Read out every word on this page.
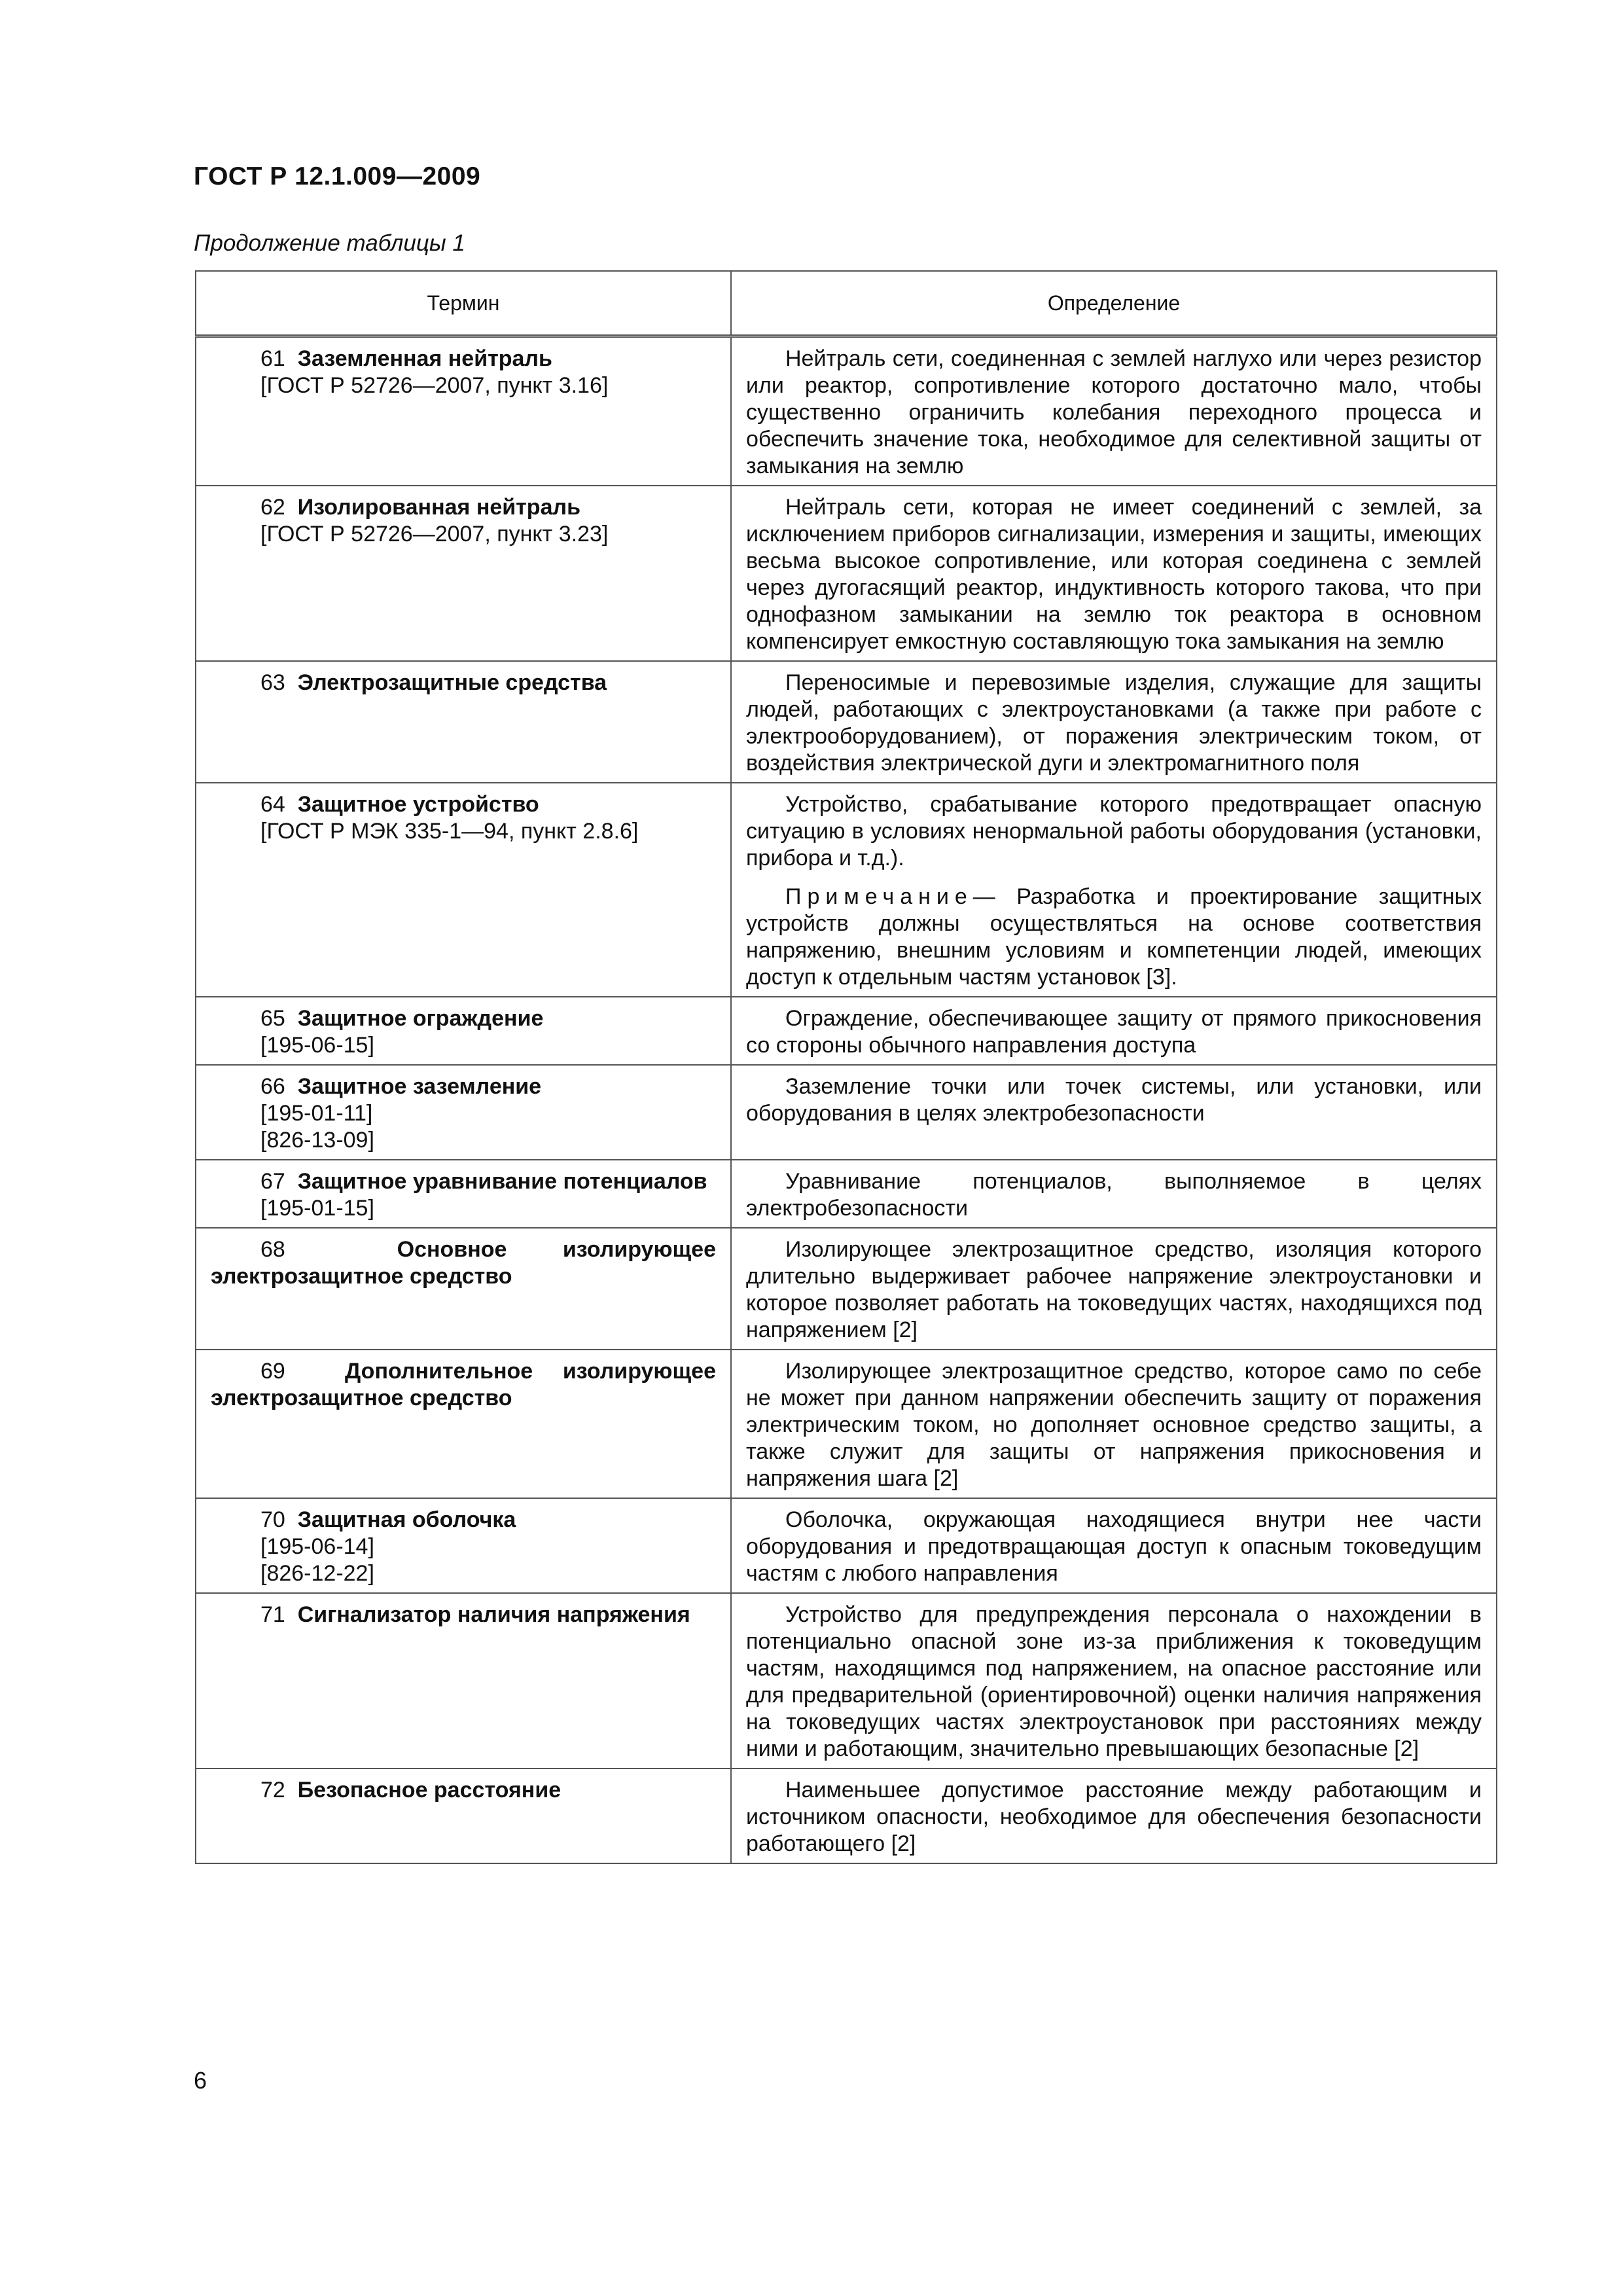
ГОСТ Р 12.1.009—2009
Продолжение таблицы 1
Термин	Определение

61 Заземленная нейтраль
[ГОСТ Р 52726—2007, пункт 3.16]	Нейтраль сети, соединенная с землей наглухо или через резистор или реактор, сопротивление которого достаточно мало, чтобы существенно ограничить колебания переходного процесса и обеспечить значение тока, необходимое для селективной защиты от замыкания на землю

62 Изолированная нейтраль
[ГОСТ Р 52726—2007, пункт 3.23]	Нейтраль сети, которая не имеет соединений с землей, за исключением приборов сигнализации, измерения и защиты, имеющих весьма высокое сопротивление, или которая соединена с землей через дугогасящий реактор, индуктивность которого такова, что при однофазном замыкании на землю ток реактора в основном компенсирует емкостную составляющую тока замыкания на землю

63 Электрозащитные средства	Переносимые и перевозимые изделия, служащие для защиты людей, работающих с электроустановками (а также при работе с электрооборудованием), от поражения электрическим током, от воздействия электрической дуги и электромагнитного поля

64 Защитное устройство
[ГОСТ Р МЭК 335-1—94, пункт 2.8.6]	Устройство, срабатывание которого предотвращает опасную ситуацию в условиях ненормальной работы оборудования (установки, прибора и т.д.).
Примечание— Разработка и проектирование защитных устройств должны осуществляться на основе соответствия напряжению, внешним условиям и компетенции людей, имеющих доступ к отдельным частям установок [3].

65 Защитное ограждение
[195-06-15]	Ограждение, обеспечивающее защиту от прямого прикосновения со стороны обычного направления доступа

66 Защитное заземление
[195-01-11]
[826-13-09]	Заземление точки или точек системы, или установки, или оборудования в целях электробезопасности

67 Защитное уравнивание потенциалов
[195-01-15]	Уравнивание потенциалов, выполняемое в целях электробезопасности

68 Основное изолирующее электрозащитное средство	Изолирующее электрозащитное средство, изоляция которого длительно выдерживает рабочее напряжение электроустановки и которое позволяет работать на токоведущих частях, находящихся под напряжением [2]

69 Дополнительное изолирующее электрозащитное средство	Изолирующее электрозащитное средство, которое само по себе не может при данном напряжении обеспечить защиту от поражения электрическим током, но дополняет основное средство защиты, а также служит для защиты от напряжения прикосновения и напряжения шага [2]

70 Защитная оболочка
[195-06-14]
[826-12-22]	Оболочка, окружающая находящиеся внутри нее части оборудования и предотвращающая доступ к опасным токоведущим частям с любого направления

71 Сигнализатор наличия напряжения	Устройство для предупреждения персонала о нахождении в потенциально опасной зоне из-за приближения к токоведущим частям, находящимся под напряжением, на опасное расстояние или для предварительной (ориентировочной) оценки наличия напряжения на токоведущих частях электроустановок при расстояниях между ними и работающим, значительно превышающих безопасные [2]

72 Безопасное расстояние	Наименьшее допустимое расстояние между работающим и источником опасности, необходимое для обеспечения безопасности работающего [2]
6
